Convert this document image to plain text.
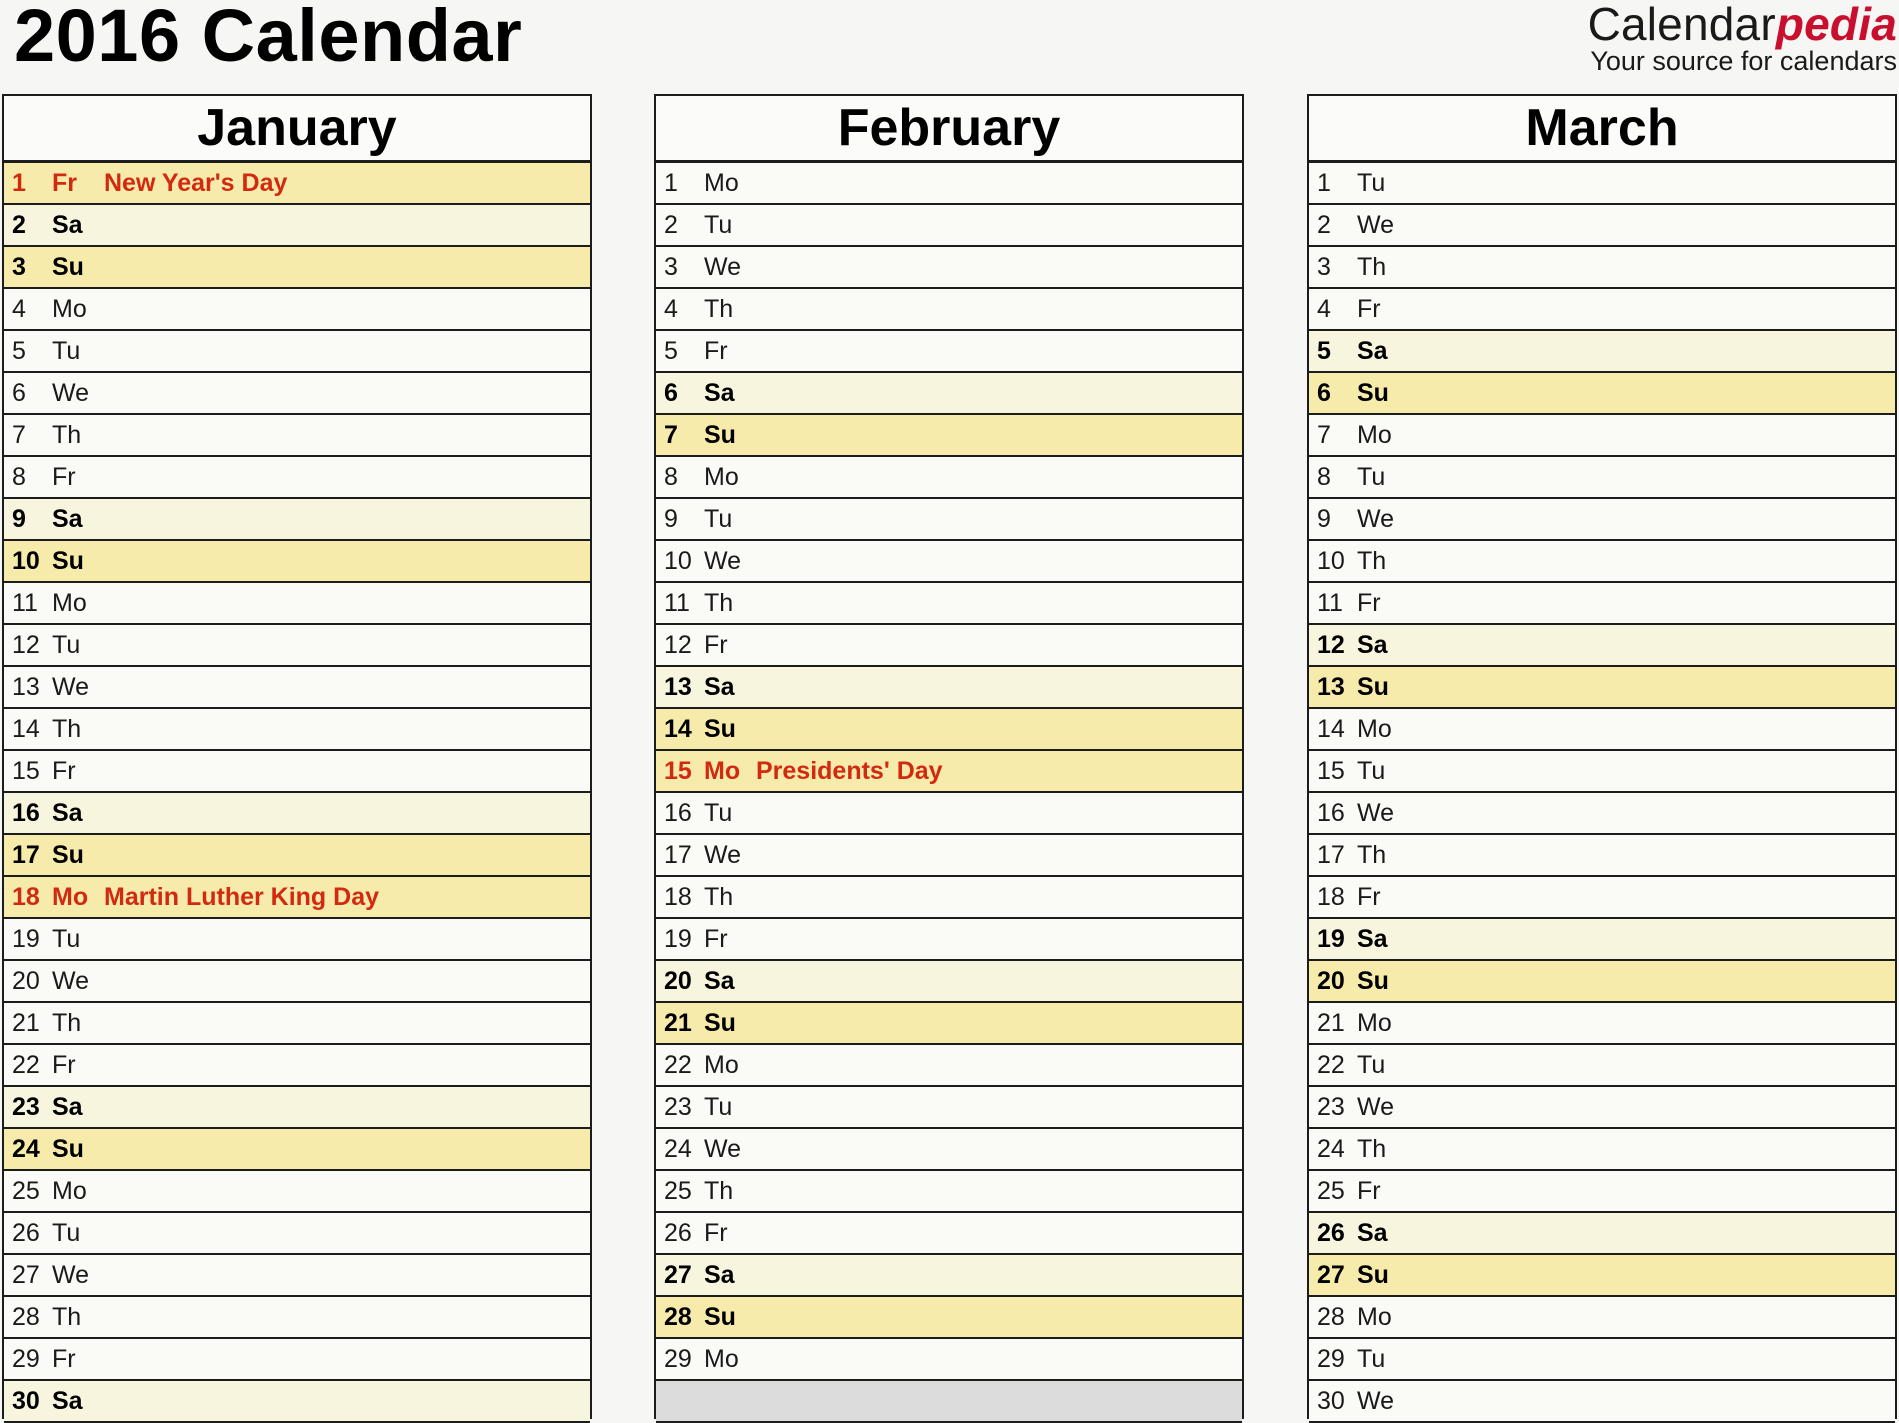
2016 Calendar	Calendarpedia
Your source for calendars
January
1	Fr	New Year's Day
2	Sa
3	Su
4	Mo
5	Tu
6	We
7	Th
8	Fr
9	Sa
10 Su
11 Mo
12 Tu
13 We
14 Th
15 Fr
16 Sa
17 Su
18 Mo Martin Luther King Day
19 Tu
20 We
21 Th
22 Fr
23 Sa
24 Su
25 Mo
26 Tu
27 We
28 Th
29 Fr
30 Sa
February
1	Mo
2	Tu
3	We
4	Th
5	Fr
6	Sa
7	Su
8	Mo
9	Tu
10 We
11 Th
12 Fr
13 Sa
14 Su
15 Mo Presidents' Day
16 Tu
17 We
18 Th
19 Fr
20 Sa
21 Su
22 Mo
23 Tu
24 We
25 Th
26 Fr
27 Sa
28 Su
29 Mo
March
1	Tu
2	We
3	Th
4	Fr
5	Sa
6	Su
7	Mo
8	Tu
9	We
10 Th
11 Fr
12 Sa
13 Su
14 Mo
15 Tu
16 We
17 Th
18 Fr
19 Sa
20 Su
21 Mo
22 Tu
23 We
24 Th
25 Fr
26 Sa
27 Su
28 Mo
29 Tu
30 We
